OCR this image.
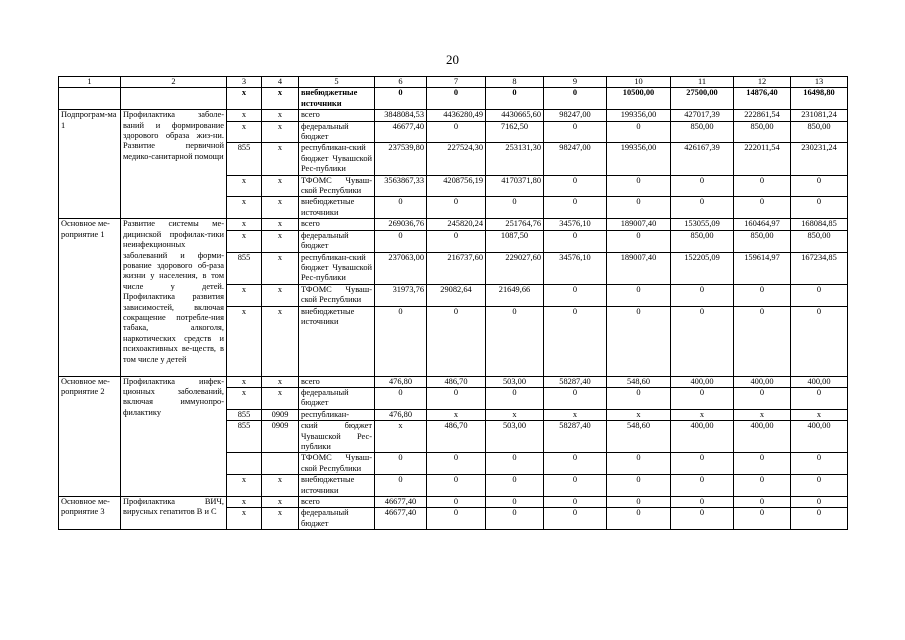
20
1	2	3	4	5	6	7	8	9	10	11	12	13
		х	х	внебюджетные источники	0	0	0	0	10500,00	27500,00	14876,40	16498,80
Подпрограм-ма 1	Профилактика заболе-ваний и формирование здорового образа жиз-ни. Развитие первичной медико-санитарной помощи	х	х	всего	3848084,53	4436280,49	4430665,60	98247,00	199356,00	427017,39	222861,54	231081,24
		х	х	федеральный бюджет	46677,40	0	7162,50	0	0	850,00	850,00	850,00
		855	х	республикан-ский бюджет Чувашской Рес-публики	237539,80	227524,30	253131,30	98247,00	199356,00	426167,39	222011,54	230231,24
		х	х	ТФОМС Чуваш-ской Республики	3563867,33	4208756,19	4170371,80	0	0	0	0	0
		х	х	внебюджетные источники	0	0	0	0	0	0	0	0
Основное ме-роприятие 1	Развитие системы ме-дицинской профилак-тики неинфекционных заболеваний и форми-рование здорового об-раза жизни у населения, в том числе у детей. Профилактика развития зависимостей, включая сокращение потребле-ния табака, алкоголя, наркотических средств и психоактивных ве-ществ, в том числе у детей	х	х	всего	269036,76	245820,24	251764,76	34576,10	189007,40	153055,09	160464,97	168084,85
		х	х	федеральный бюджет	0	0	1087,50	0	0	850,00	850,00	850,00
		855	х	республикан-ский бюджет Чувашской Рес-публики	237063,00	216737,60	229027,60	34576,10	189007,40	152205,09	159614,97	167234,85
		х	х	ТФОМС Чуваш-ской Республики	31973,76	29082,64	21649,66	0	0	0	0	0
		х	х	внебюджетные источники	0	0	0	0	0	0	0	0
Основное ме-роприятие 2	Профилактика инфек-ционных заболеваний, включая иммунопро-филактику	х	х	всего	476,80	486,70	503,00	58287,40	548,60	400,00	400,00	400,00
		х	х	федеральный бюджет	0	0	0	0	0	0	0	0
		855	0909	республикан-	476,80	х	х	х	х	х	х	х
		855	0909	ский бюджет Чувашской Рес-публики	х	486,70	503,00	58287,40	548,60	400,00	400,00	400,00
				ТФОМС Чуваш-ской Республики	0	0	0	0	0	0	0	0
		х	х	внебюджетные источники	0	0	0	0	0	0	0	0
Основное ме-роприятие 3	Профилактика ВИЧ, вирусных гепатитов В и С	х	х	всего	46677,40	0	0	0	0	0	0	0
		х	х	федеральный бюджет	46677,40	0	0	0	0	0	0	0
